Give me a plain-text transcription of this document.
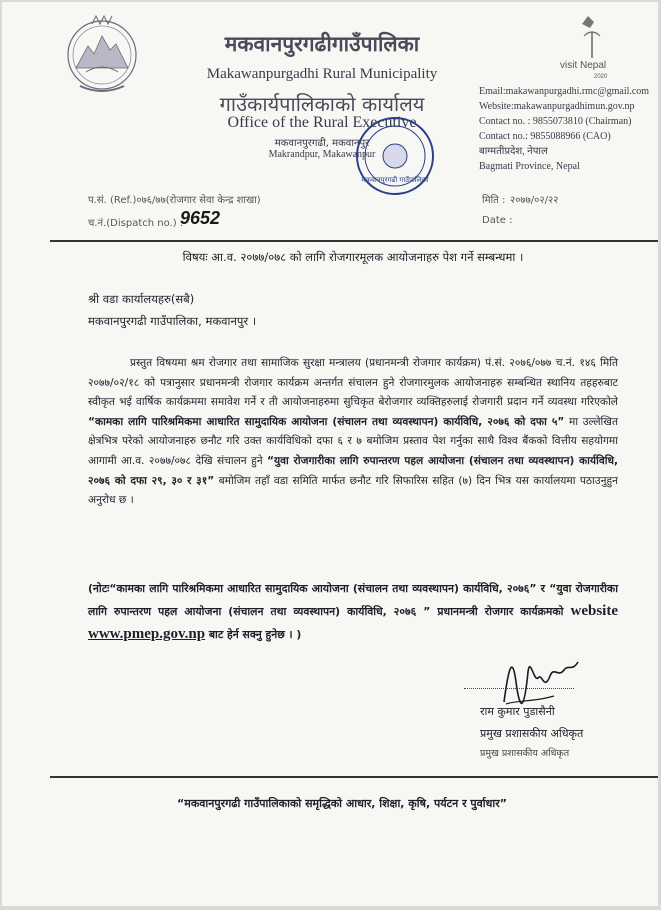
visit Nepal
2020
मकवानपुरगढीगाउँपालिका
Makawanpurgadhi Rural Municipality
गाउँकार्यपालिकाको कार्यालय
Office of the Rural Executive
मकवानपुरगढी, मकवानपुर
Makrandpur, Makawanpur
Email:makawanpurgadhi.rmc@gmail.com
Website:makawanpurgadhimun.gov.np
Contact no. : 9855073810 (Chairman)
Contact no.: 9855088966 (CAO)
बाग्मतीप्रदेश, नेपाल
Bagmati Province, Nepal
मकवानपुरगढी गाउँपालिका
प.सं. (Ref.)०७६/७७(रोजगार सेवा केन्द्र शाखा)
च.नं.(Dispatch no.) :
9652
मिति : २०७७/०२/२२
Date :
विषयः आ.व. २०७७/०७८ को लागि रोजगारमूलक आयोजनाहरु पेश गर्ने सम्बन्धमा ।
श्री वडा कार्यालयहरु(सबै)
मकवानपुरगढी गाउँपालिका, मकवानपुर ।
प्रस्तुत विषयमा श्रम रोजगार तथा सामाजिक सुरक्षा मन्त्रालय (प्रधानमन्त्री रोजगार कार्यक्रम) पं.सं. २०७६/०७७ च.नं. १४६ मिति २०७७/०२/१८ को पत्रानुसार प्रधानमन्त्री रोजगार कार्यक्रम अन्तर्गत संचालन हुने रोजगारमुलक आयोजनाहरु सम्बन्धित स्थानिय तहहरुबाट स्वीकृत भई वार्षिक कार्यक्रममा समावेश गर्ने र ती आयोजनाहरुमा सुचिकृत बेरोजगार व्यक्तिहरुलाई रोजगारी प्रदान गर्ने व्यवस्था गरिएकोले “कामका लागि पारिश्रमिकमा आधारित सामुदायिक आयोजना (संचालन तथा व्यवस्थापन) कार्यविधि, २०७६ को दफा ५” मा उल्लेखित क्षेत्रभित्र परेको आयोजनाहरु छनौट गरि उक्त कार्यविधिको दफा ६ र ७ बमोजिम प्रस्ताव पेश गर्नुका साथै विश्व बैंकको वित्तीय सहयोगमा आगामी आ.व. २०७७/०७८ देखि संचालन हुने “युवा रोजगारीका लागि रुपान्तरण पहल आयोजना (संचालन तथा व्यवस्थापन) कार्यविधि, २०७६ को दफा २९, ३० र ३१” बमोजिम तहाँ वडा समिति मार्फत छनौट गरि सिफारिस सहित (७) दिन भित्र यस कार्यालयमा पठाउनुहुन अनुरोध छ ।
(नोटः“कामका लागि पारिश्रमिकमा आधारित सामुदायिक आयोजना (संचालन तथा व्यवस्थापन) कार्यविधि, २०७६” र “युवा रोजगारीका लागि रुपान्तरण पहल आयोजना (संचालन तथा व्यवस्थापन) कार्यविधि, २०७६ ” प्रधानमन्त्री रोजगार कार्यक्रमको website www.pmep.gov.np बाट हेर्न सक्नु हुनेछ । )
राम कुमार पुडासैनी
प्रमुख प्रशासकीय अधिकृत
प्रमुख प्रशासकीय अधिकृत
“मकवानपुरगढी गाउँपालिकाको समृद्धिको आधार, शिक्षा, कृषि, पर्यटन र पुर्वाधार”
